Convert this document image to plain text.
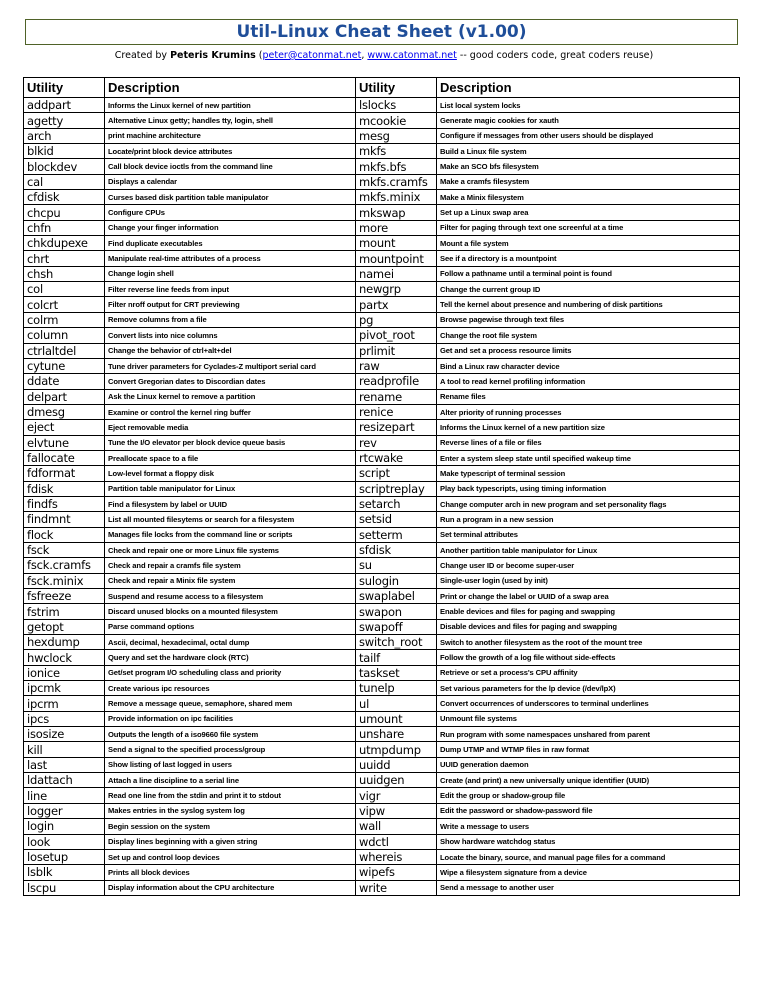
Util-Linux Cheat Sheet (v1.00)
Created by Peteris Krumins (peter@catonmat.net, www.catonmat.net -- good coders code, great coders reuse)
Utility	Description	Utility	Description
addpart	Informs the Linux kernel of new partition	lslocks	List local system locks
agetty	Alternative Linux getty; handles tty, login, shell	mcookie	Generate magic cookies for xauth
arch	print machine architecture	mesg	Configure if messages from other users should be displayed
blkid	Locate/print block device attributes	mkfs	Build a Linux file system
blockdev	Call block device ioctls from the command line	mkfs.bfs	Make an SCO bfs filesystem
cal	Displays a calendar	mkfs.cramfs	Make a cramfs filesystem
cfdisk	Curses based disk partition table manipulator	mkfs.minix	Make a Minix filesystem
chcpu	Configure CPUs	mkswap	Set up a Linux swap area
chfn	Change your finger information	more	Filter for paging through text one screenful at a time
chkdupexe	Find duplicate executables	mount	Mount a file system
chrt	Manipulate real-time attributes of a process	mountpoint	See if a directory is a mountpoint
chsh	Change login shell	namei	Follow a pathname until a terminal point is found
col	Filter reverse line feeds from input	newgrp	Change the current group ID
colcrt	Filter nroff output for CRT previewing	partx	Tell the kernel about presence and numbering of disk partitions
colrm	Remove columns from a file	pg	Browse pagewise through text files
column	Convert lists into nice columns	pivot_root	Change the root file system
ctrlaltdel	Change the behavior of ctrl+alt+del	prlimit	Get and set a process resource limits
cytune	Tune driver parameters for Cyclades-Z multiport serial card	raw	Bind a Linux raw character device
ddate	Convert Gregorian dates to Discordian dates	readprofile	A tool to read kernel profiling information
delpart	Ask the Linux kernel to remove a partition	rename	Rename files
dmesg	Examine or control the kernel ring buffer	renice	Alter priority of running processes
eject	Eject removable media	resizepart	Informs the Linux kernel of a new partition size
elvtune	Tune the I/O elevator per block device queue basis	rev	Reverse lines of a file or files
fallocate	Preallocate space to a file	rtcwake	Enter a system sleep state until specified wakeup time
fdformat	Low-level format a floppy disk	script	Make typescript of terminal session
fdisk	Partition table manipulator for Linux	scriptreplay	Play back typescripts, using timing information
findfs	Find a filesystem by label or UUID	setarch	Change computer arch in new program and set personality flags
findmnt	List all mounted filesytems or search for a filesystem	setsid	Run a program in a new session
flock	Manages file locks from the command line or scripts	setterm	Set terminal attributes
fsck	Check and repair one or more Linux file systems	sfdisk	Another partition table manipulator for Linux
fsck.cramfs	Check and repair a cramfs file system	su	Change user ID or become super-user
fsck.minix	Check and repair a Minix file system	sulogin	Single-user login (used by init)
fsfreeze	Suspend and resume access to a filesystem	swaplabel	Print or change the label or UUID of a swap area
fstrim	Discard unused blocks on a mounted filesystem	swapon	Enable devices and files for paging and swapping
getopt	Parse command options	swapoff	Disable devices and files for paging and swapping
hexdump	Ascii, decimal, hexadecimal, octal dump	switch_root	Switch to another filesystem as the root of the mount tree
hwclock	Query and set the hardware clock (RTC)	tailf	Follow the growth of a log file without side-effects
ionice	Get/set program I/O scheduling class and priority	taskset	Retrieve or set a process's CPU affinity
ipcmk	Create various ipc resources	tunelp	Set various parameters for the lp device (/dev/lpX)
ipcrm	Remove a message queue, semaphore, shared mem	ul	Convert occurrences of underscores to terminal underlines
ipcs	Provide information on ipc facilities	umount	Unmount file systems
isosize	Outputs the length of a iso9660 file system	unshare	Run program with some namespaces unshared from parent
kill	Send a signal to the specified process/group	utmpdump	Dump UTMP and WTMP files in raw format
last	Show listing of last logged in users	uuidd	UUID generation daemon
ldattach	Attach a line discipline to a serial line	uuidgen	Create (and print) a new universally unique identifier (UUID)
line	Read one line from the stdin and print it to stdout	vigr	Edit the group or shadow-group file
logger	Makes entries in the syslog system log	vipw	Edit the password or shadow-password file
login	Begin session on the system	wall	Write a message to users
look	Display lines beginning with a given string	wdctl	Show hardware watchdog status
losetup	Set up and control loop devices	whereis	Locate the binary, source, and manual page files for a command
lsblk	Prints all block devices	wipefs	Wipe a filesystem signature from a device
lscpu	Display information about the CPU architecture	write	Send a message to another user
